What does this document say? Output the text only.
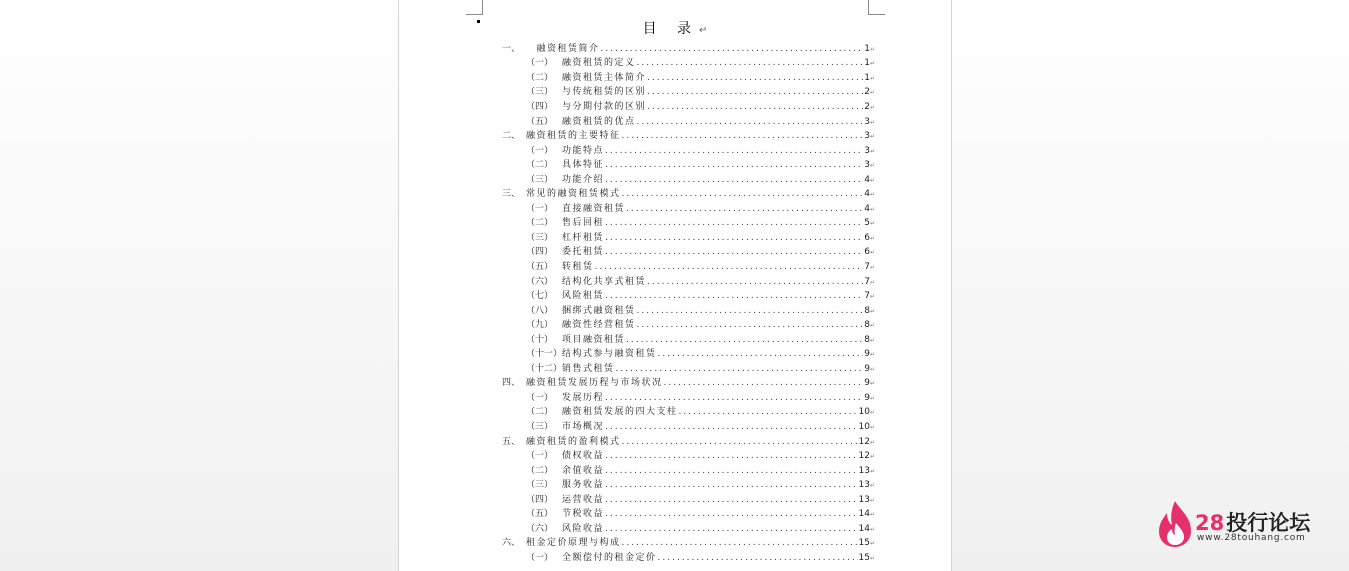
目 录↵
一、 　融资租赁简介 .....	1 ↵
（一） 融资租赁的定义 .....	1 ↵
（二） 融资租赁主体简介 .....	1 ↵
（三） 与传统租赁的区别 .....	2 ↵
（四） 与分期付款的区别 .....	2 ↵
（五） 融资租赁的优点 .....	3 ↵
二、 融资租赁的主要特征 .....	3 ↵
（一） 功能特点 .....	3 ↵
（二） 具体特征 .....	3 ↵
（三） 功能介绍 .....	4 ↵
三、 常见的融资租赁模式 .....	4 ↵
（一） 直接融资租赁 .....	4 ↵
（二） 售后回租 .....	5 ↵
（三） 杠杆租赁 .....	6 ↵
（四） 委托租赁 .....	6 ↵
（五） 转租赁 .....	7 ↵
（六） 结构化共享式租赁 .....	7 ↵
（七） 风险租赁 .....	7 ↵
（八） 捆绑式融资租赁 .....	8 ↵
（九） 融资性经营租赁 .....	8 ↵
（十） 项目融资租赁 .....	8 ↵
（十一） 结构式参与融资租赁 .....	9 ↵
（十二） 销售式租赁 .....	9 ↵
四、 融资租赁发展历程与市场状况 .....	9 ↵
（一） 发展历程 .....	9 ↵
（二） 融资租赁发展的四大支柱 .....	10 ↵
（三） 市场概况 .....	10 ↵
五、 融资租赁的盈利模式 .....	12 ↵
（一） 债权收益 .....	12 ↵
（二） 余值收益 .....	13 ↵
（三） 服务收益 .....	13 ↵
（四） 运营收益 .....	13 ↵
（五） 节税收益 .....	14 ↵
（六） 风险收益 .....	14 ↵
六、 租金定价原理与构成 .....	15 ↵
（一） 全额偿付的租金定价 .....	15 ↵
28投行论坛
www.28touhang.com
